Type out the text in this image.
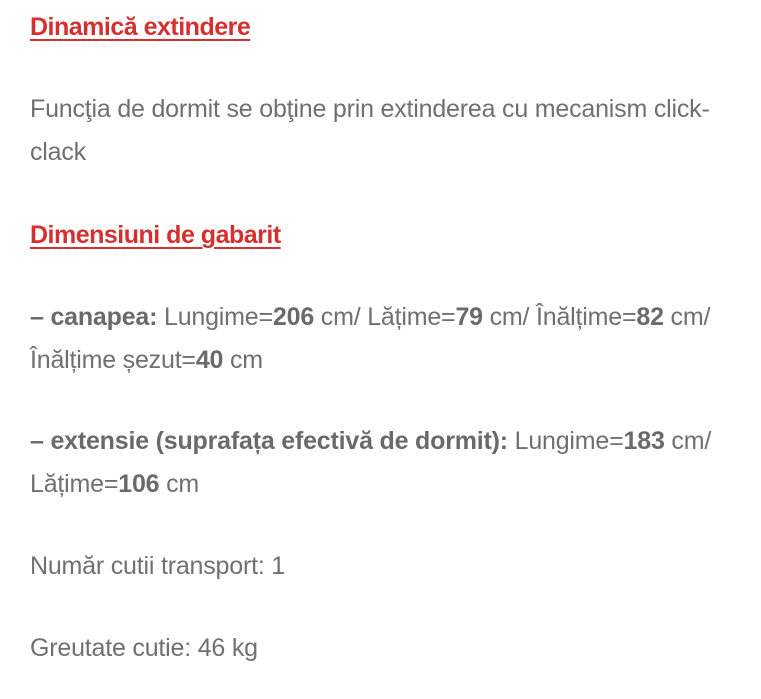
Dinamică extindere
Funcţia de dormit se obţine prin extinderea cu mecanism click-clack
Dimensiuni de gabarit
– canapea: Lungime=206 cm/ Lățime=79 cm/ Înălțime=82 cm/ Înălțime șezut=40 cm
– extensie (suprafața efectivă de dormit): Lungime=183 cm/ Lățime=106 cm
Număr cutii transport: 1
Greutate cutie: 46 kg
